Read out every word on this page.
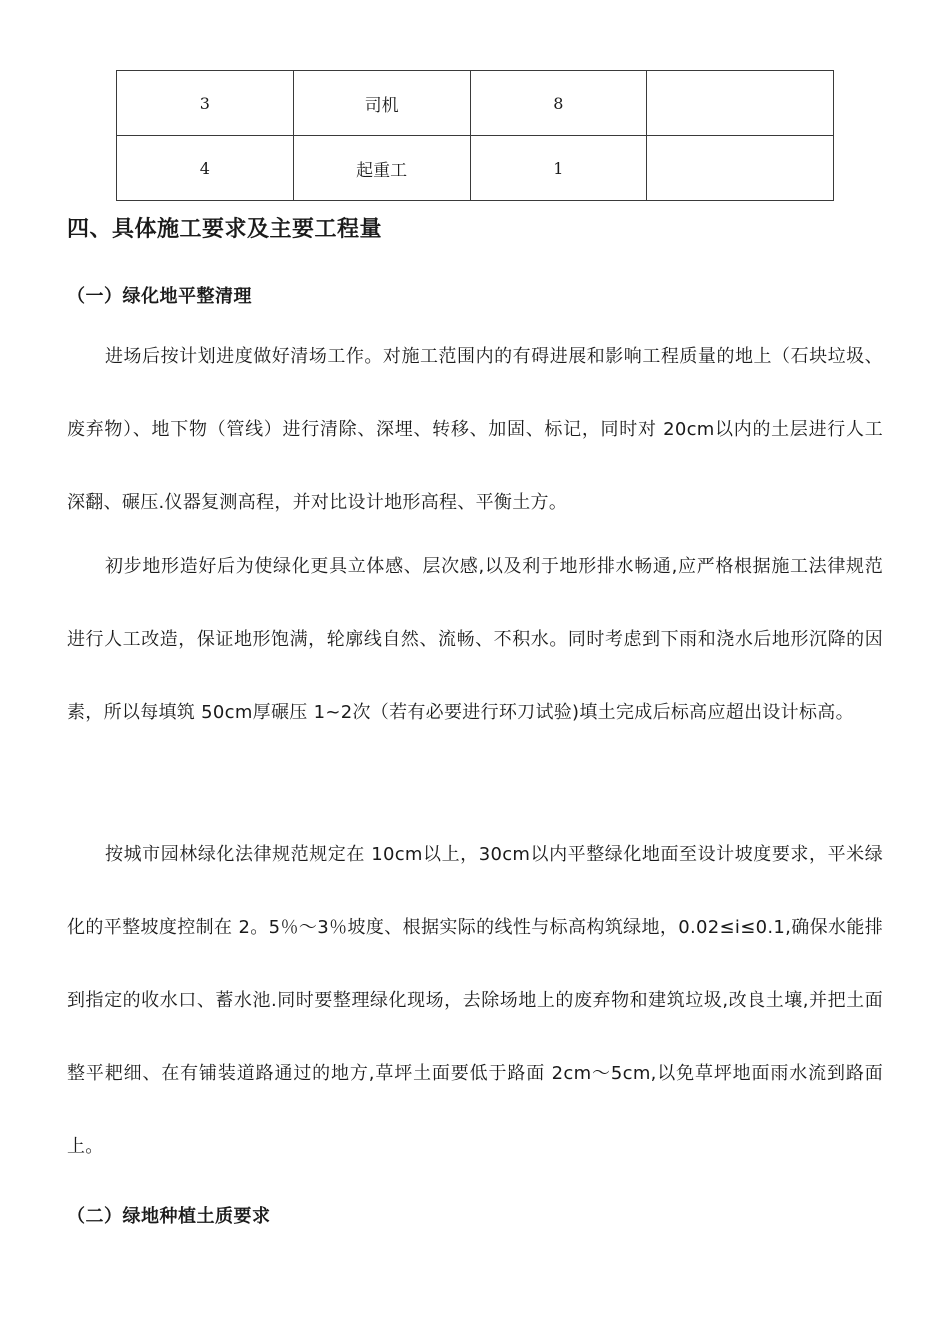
3	司机	8	
4	起重工	1	
四、具体施工要求及主要工程量
（一）绿化地平整清理

进场后按计划进度做好清场工作。对施工范围内的有碍进展和影响工程质量的地上（石块垃圾、废弃物）、地下物（管线）进行清除、深埋、转移、加固、标记，同时对 20cm以内的土层进行人工深翻、碾压.仪器复测高程，并对比设计地形高程、平衡土方。

初步地形造好后为使绿化更具立体感、层次感,以及利于地形排水畅通,应严格根据施工法律规范进行人工改造，保证地形饱满，轮廓线自然、流畅、不积水。同时考虑到下雨和浇水后地形沉降的因素，所以每填筑 50cm厚碾压 1~2次（若有必要进行环刀试验)填土完成后标高应超出设计标高。

按城市园林绿化法律规范规定在 10cm以上，30cm以内平整绿化地面至设计坡度要求，平米绿化的平整坡度控制在 2。5％～3％坡度、根据实际的线性与标高构筑绿地，0.02≤i≤0.1,确保水能排到指定的收水口、蓄水池.同时要整理绿化现场，去除场地上的废弃物和建筑垃圾,改良土壤,并把土面整平耙细、在有铺装道路通过的地方,草坪土面要低于路面 2cm～5cm,以免草坪地面雨水流到路面上。

（二）绿地种植土质要求
